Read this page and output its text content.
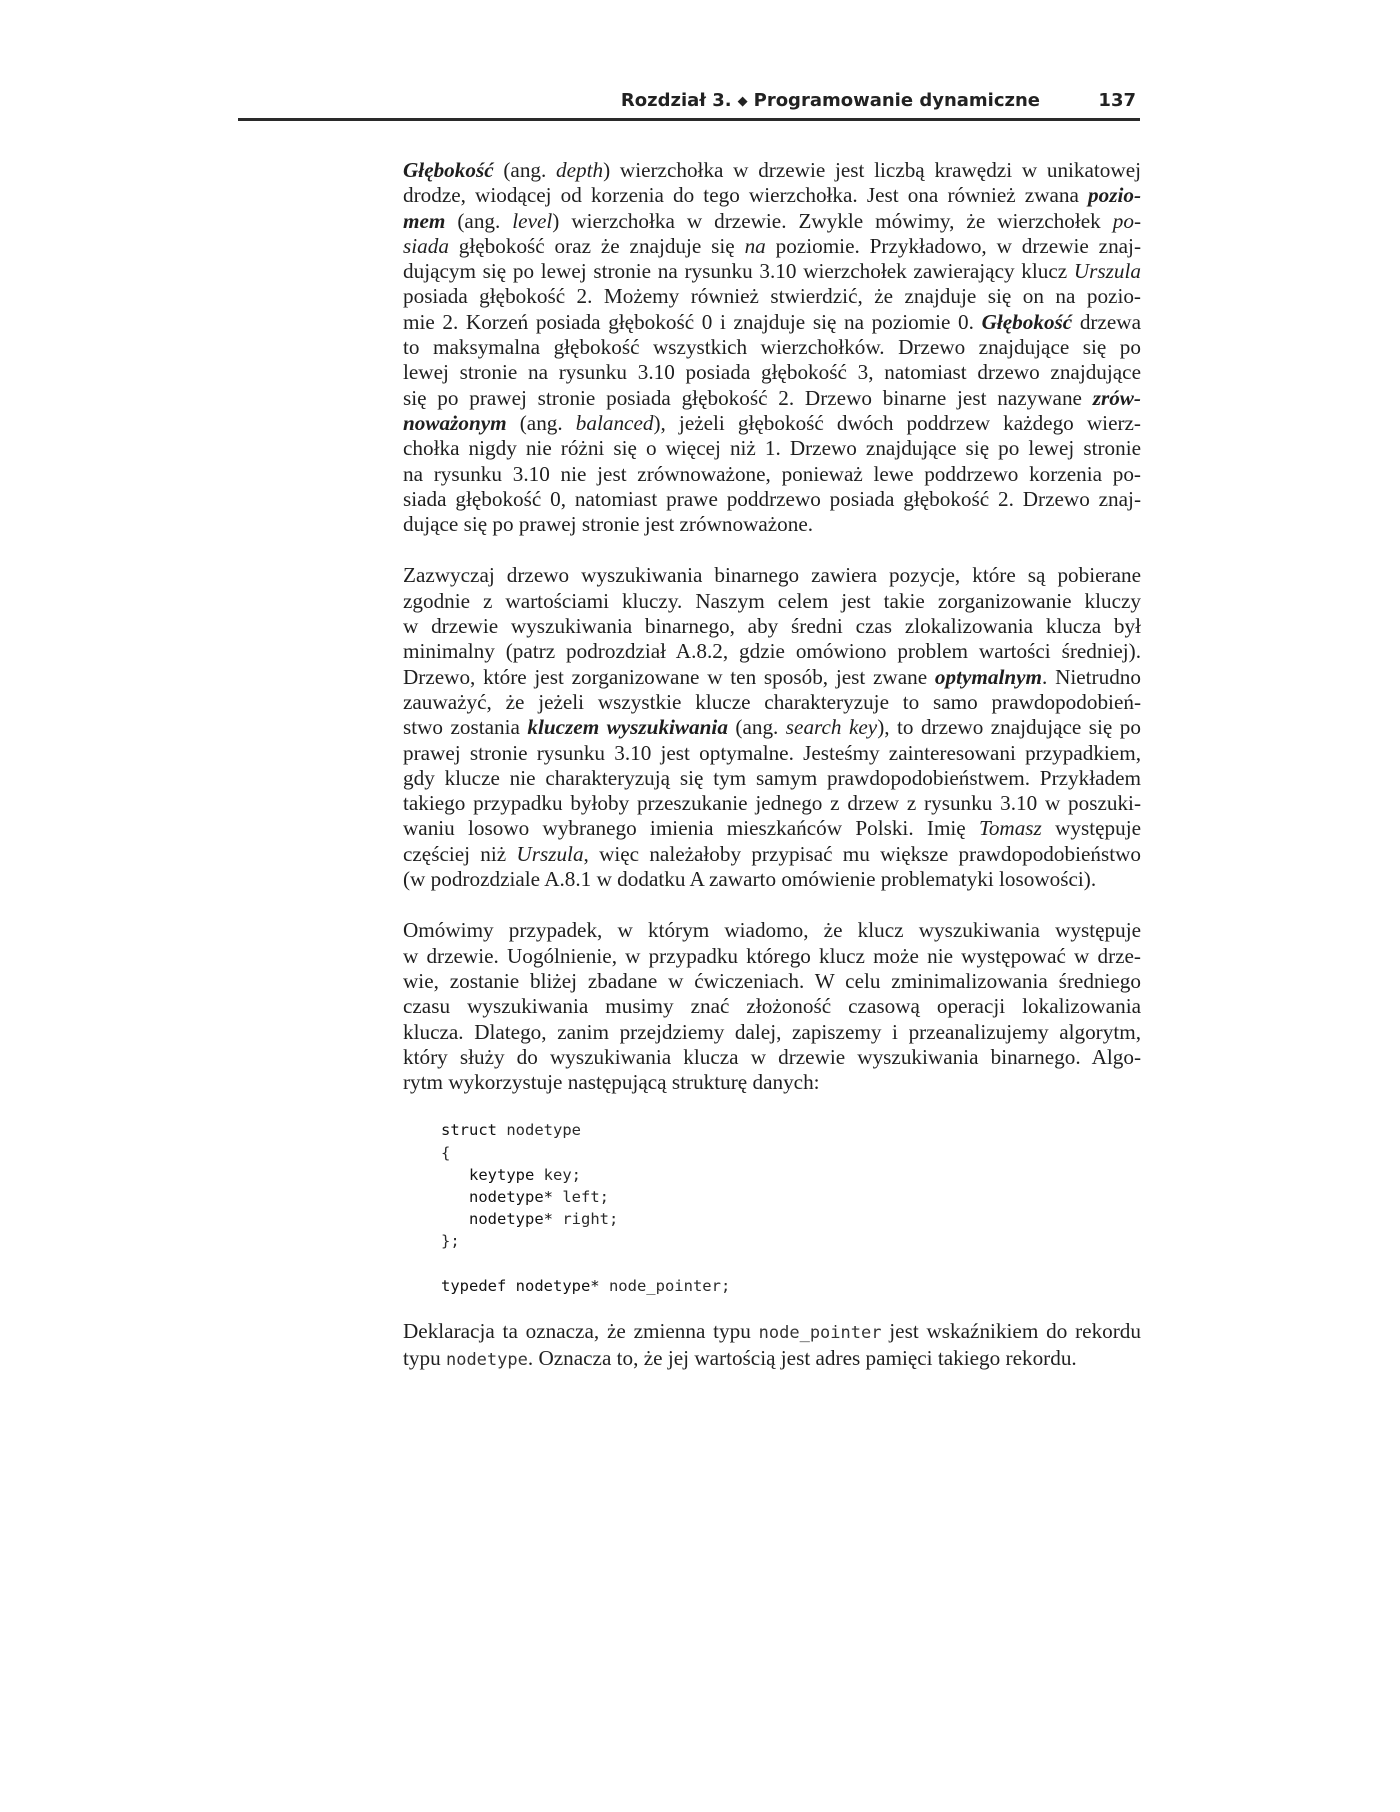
Rozdział 3. ◆ Programowanie dynamiczne	137
Głębokość (ang. depth) wierzchołka w drzewie jest liczbą krawędzi w unikatowej
drodze, wiodącej od korzenia do tego wierzchołka. Jest ona również zwana pozio-
mem (ang. level) wierzchołka w drzewie. Zwykle mówimy, że wierzchołek po-
siada głębokość oraz że znajduje się na poziomie. Przykładowo, w drzewie znaj-
dującym się po lewej stronie na rysunku 3.10 wierzchołek zawierający klucz Urszula
posiada głębokość 2. Możemy również stwierdzić, że znajduje się on na pozio-
mie 2. Korzeń posiada głębokość 0 i znajduje się na poziomie 0. Głębokość drzewa
to maksymalna głębokość wszystkich wierzchołków. Drzewo znajdujące się po
lewej stronie na rysunku 3.10 posiada głębokość 3, natomiast drzewo znajdujące
się po prawej stronie posiada głębokość 2. Drzewo binarne jest nazywane zrów-
noważonym (ang. balanced), jeżeli głębokość dwóch poddrzew każdego wierz-
chołka nigdy nie różni się o więcej niż 1. Drzewo znajdujące się po lewej stronie
na rysunku 3.10 nie jest zrównoważone, ponieważ lewe poddrzewo korzenia po-
siada głębokość 0, natomiast prawe poddrzewo posiada głębokość 2. Drzewo znaj-
dujące się po prawej stronie jest zrównoważone.
Zazwyczaj drzewo wyszukiwania binarnego zawiera pozycje, które są pobierane
zgodnie z wartościami kluczy. Naszym celem jest takie zorganizowanie kluczy
w drzewie wyszukiwania binarnego, aby średni czas zlokalizowania klucza był
minimalny (patrz podrozdział A.8.2, gdzie omówiono problem wartości średniej).
Drzewo, które jest zorganizowane w ten sposób, jest zwane optymalnym. Nietrudno
zauważyć, że jeżeli wszystkie klucze charakteryzuje to samo prawdopodobień-
stwo zostania kluczem wyszukiwania (ang. search key), to drzewo znajdujące się po
prawej stronie rysunku 3.10 jest optymalne. Jesteśmy zainteresowani przypadkiem,
gdy klucze nie charakteryzują się tym samym prawdopodobieństwem. Przykładem
takiego przypadku byłoby przeszukanie jednego z drzew z rysunku 3.10 w poszuki-
waniu losowo wybranego imienia mieszkańców Polski. Imię Tomasz występuje
częściej niż Urszula, więc należałoby przypisać mu większe prawdopodobieństwo
(w podrozdziale A.8.1 w dodatku A zawarto omówienie problematyki losowości).
Omówimy przypadek, w którym wiadomo, że klucz wyszukiwania występuje
w drzewie. Uogólnienie, w przypadku którego klucz może nie występować w drze-
wie, zostanie bliżej zbadane w ćwiczeniach. W celu zminimalizowania średniego
czasu wyszukiwania musimy znać złożoność czasową operacji lokalizowania
klucza. Dlatego, zanim przejdziemy dalej, zapiszemy i przeanalizujemy algorytm,
który służy do wyszukiwania klucza w drzewie wyszukiwania binarnego. Algo-
rytm wykorzystuje następującą strukturę danych:
struct nodetype
{
keytype key;
nodetype* left;
nodetype* right;
};
typedef nodetype* node_pointer;
Deklaracja ta oznacza, że zmienna typu node_pointer jest wskaźnikiem do rekordu
typu nodetype. Oznacza to, że jej wartością jest adres pamięci takiego rekordu.
